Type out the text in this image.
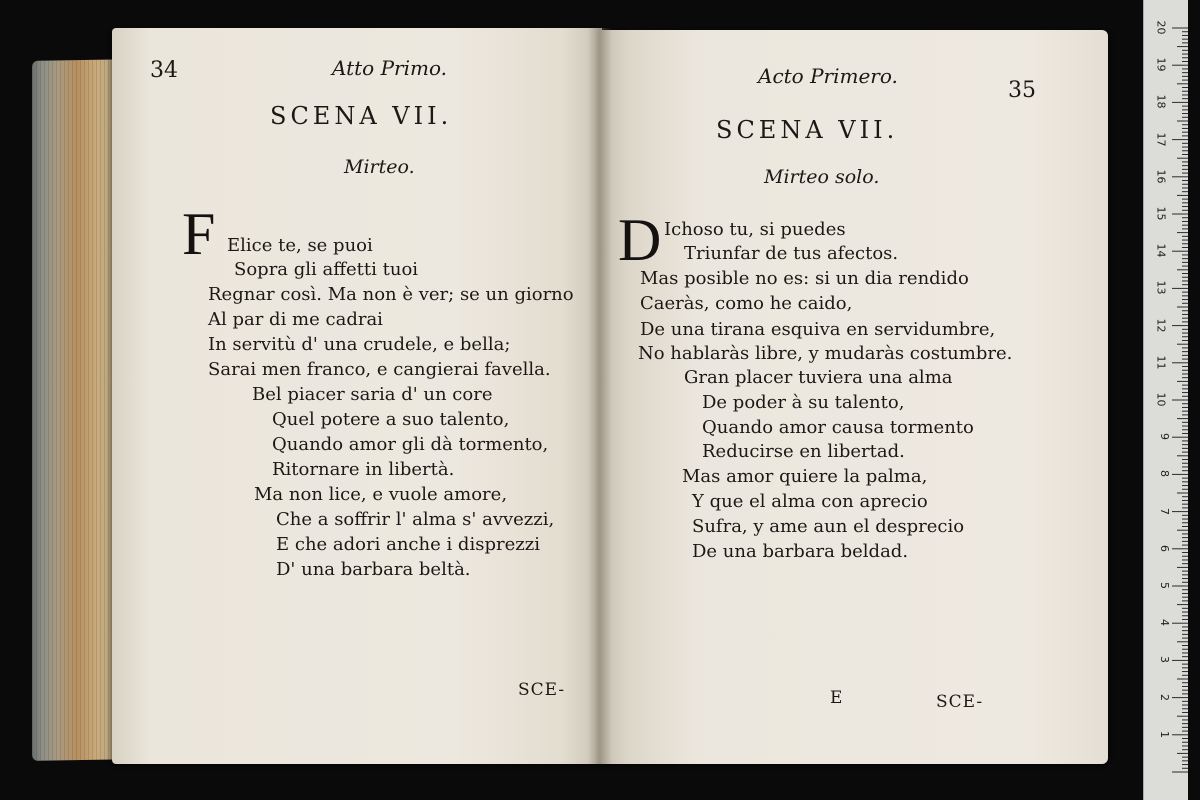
34	Atto Primo.
SCENA VII.
Mirteo.
F Elice te, se puoi
Sopra gli affetti tuoi
Regnar così. Ma non è ver; se un giorno
Al par di me cadrai
In servitù d' una crudele, e bella;
Sarai men franco, e cangierai favella.
Bel piacer saria d' un core
Quel potere a suo talento,
Quando amor gli dà tormento,
Ritornare in libertà.
Ma non lice, e vuole amore,
Che a soffrir l' alma s' avvezzi,
E che adori anche i disprezzi
D' una barbara beltà.
SCE-
Acto Primero.
35
SCENA VII.
Mirteo solo.
D Ichoso tu, si puedes
Triunfar de tus afectos.
Mas posible no es: si un dia rendido
Caeràs, como he caido,
De una tirana esquiva en servidumbre,
No hablaràs libre, y mudaràs costumbre.
Gran placer tuviera una alma
De poder à su talento,
Quando amor causa tormento
Reducirse en libertad.
Mas amor quiere la palma,
Y que el alma con aprecio
Sufra, y ame aun el desprecio
De una barbara beldad.
E	SCE-
20
19
18
17
16
15
14
13
12
11
10
9
8
7
6
5
4
3
2
1
